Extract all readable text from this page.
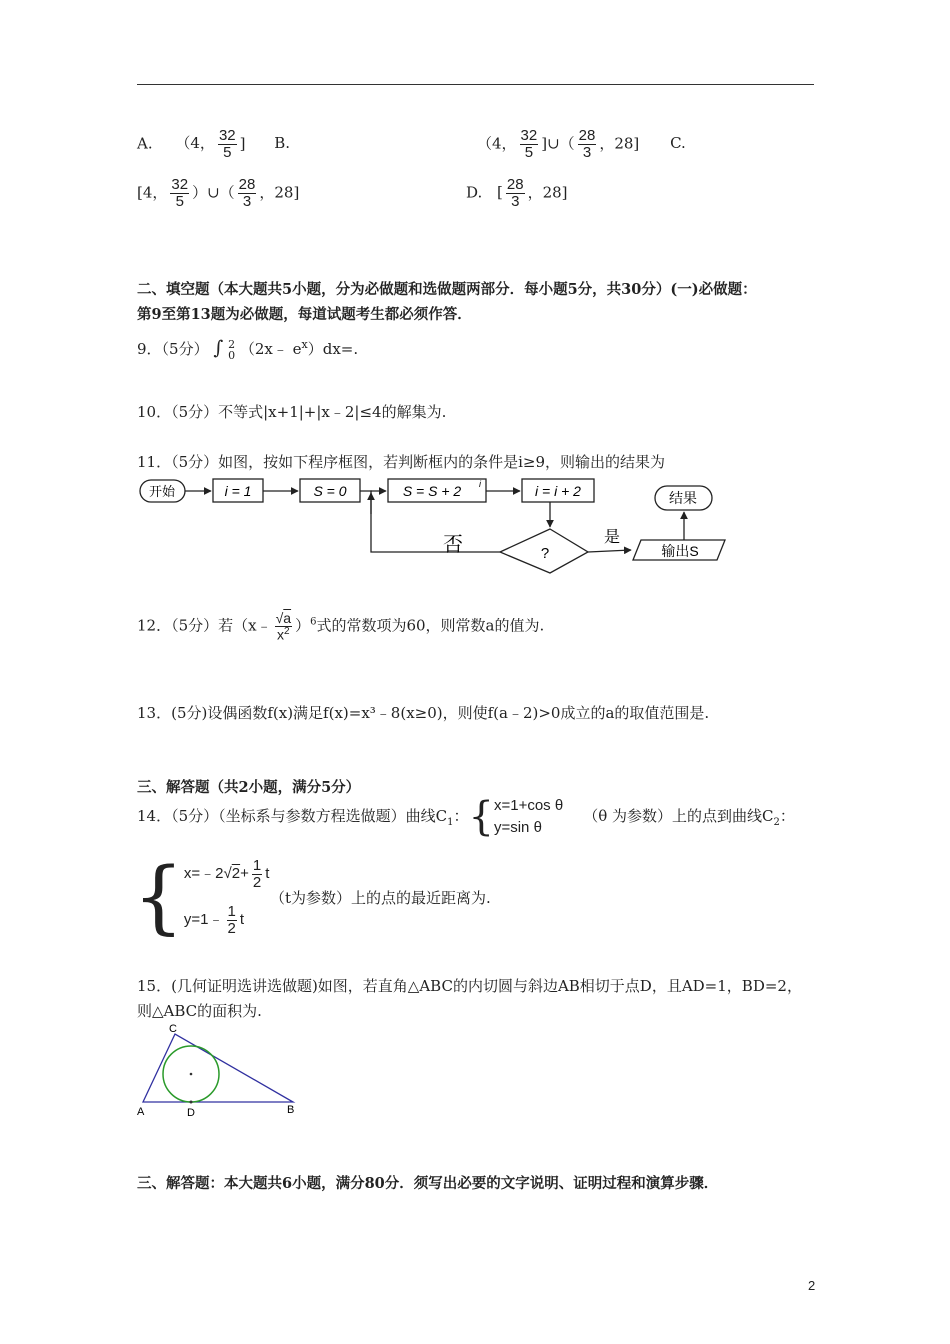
A. （4， $\frac{32}{5}$ ] B.	（4， $\frac{32}{5}$ ]∪（ $\frac{28}{3}$ ，28] C.
[4， $\frac{32}{5}$ ）∪（ $\frac{28}{3}$ ，28]	D. [ $\frac{28}{3}$ ，28]
二、填空题（本大题共5小题，分为必做题和选做题两部分．每小题5分，共30分）(一)必做题：
第9至第13题为必做题，每道试题考生都必须作答．
9．（5分） ∫ 2
0 （2x﹣ $e^x)dx=$.
10．（5分）不等式|x+1|+|x﹣2|≤4的解集为.
11．（5分）如图，按如下程序框图，若判断框内的条件是i≥9，则输出的结果为
开始	i = 1	S = 0	S = S + 2 i	i = i + 2
?
否	是
输出S
结果
12．（5分）若（x﹣ $\frac{√a}{x^2} )^6$式的常数项为60，则常数a的值为.
13．(5分)设偶函数f(x)满足f(x)=x³﹣8(x≥0)，则使f(a﹣2)>0成立的a的取值范围是.
三、解答题（共2小题，满分5分）
14．（5分）（坐标系与参数方程选做题）曲线$C_1$：{ x=1+cos θ
y=sin θ
（θ 为参数）上的点到曲线$C_2$：
{ x=﹣2√2+ $\frac{1}{2}$ t
y=1﹣ $\frac{1}{2}$ t
（t为参数）上的点的最近距离为.
15．(几何证明选讲选做题)如图，若直角△ABC的内切圆与斜边AB相切于点D，且AD=1，BD=2，
则△ABC的面积为.
A	B
C
D
三、解答题：本大题共6小题，满分80分．须写出必要的文字说明、证明过程和演算步骤．
2
